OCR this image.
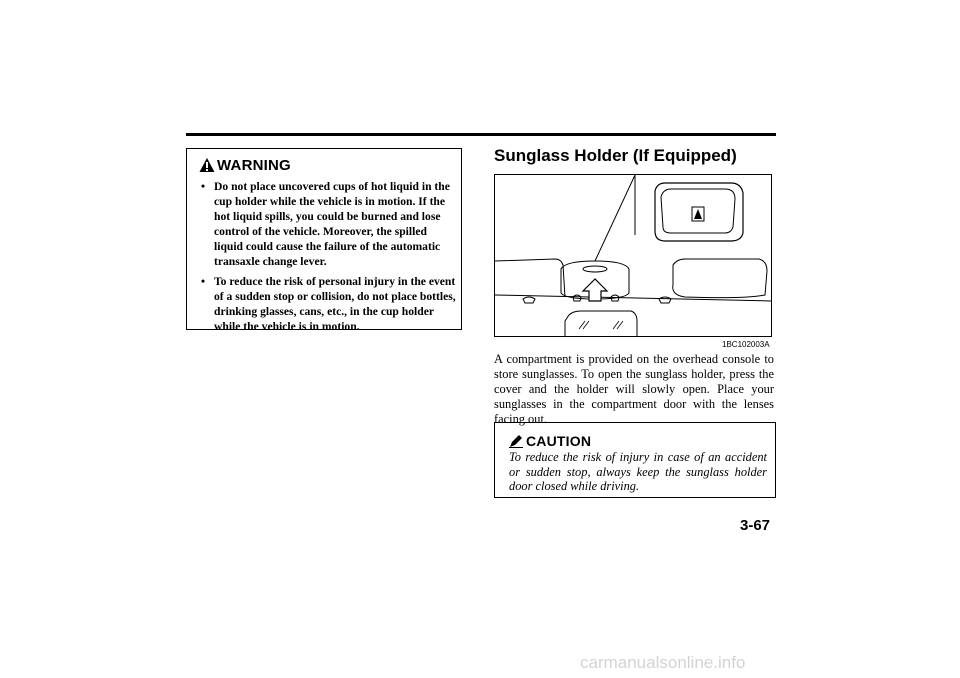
WARNING
• Do not place uncovered cups of hot liquid in the cup holder while the vehicle is in motion. If the hot liquid spills, you could be burned and lose control of the vehicle. Moreover, the spilled liquid could cause the failure of the automatic transaxle change lever.
• To reduce the risk of personal injury in the event of a sudden stop or collision, do not place bottles, drinking glasses, cans, etc., in the cup holder while the vehicle is in motion.
Sunglass Holder (If Equipped)
1BC102003A

A compartment is provided on the overhead console to store sunglasses. To open the sunglass holder, press the cover and the holder will slowly open. Place your sunglasses in the compartment door with the lenses facing out.

CAUTION

To reduce the risk of injury in case of an accident or sudden stop, always keep the sunglass holder door closed while driving.

3-67
carmanualsonline.info
